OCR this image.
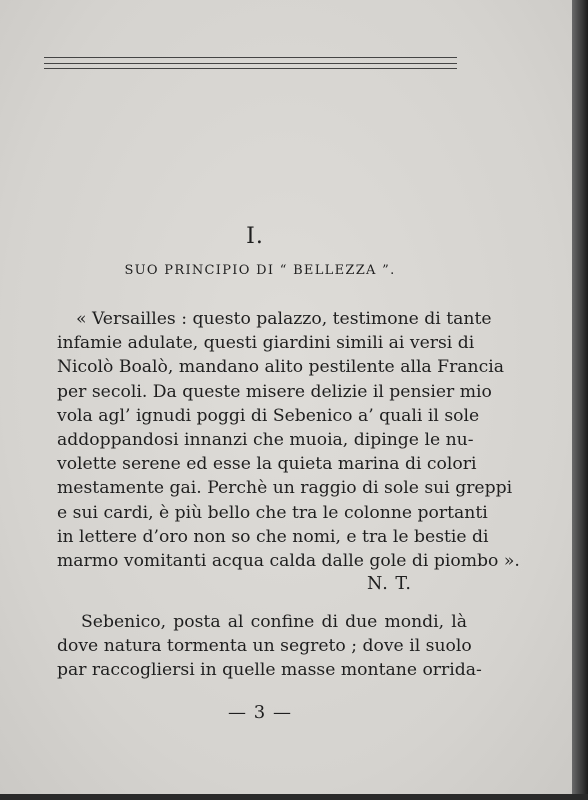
I.
SUO PRINCIPIO DI “ BELLEZZA ”.
« Versailles : questo palazzo, testimone di tante
infamie adulate, questi giardini simili ai versi di
Nicolò Boalò, mandano alito pestilente alla Francia
per secoli. Da queste misere delizie il pensier mio
vola agl’ ignudi poggi di Sebenico a’ quali il sole
addoppandosi innanzi che muoia, dipinge le nu-
volette serene ed esse la quieta marina di colori
mestamente gai. Perchè un raggio di sole sui greppi
e sui cardi, è più bello che tra le colonne portanti
in lettere d’oro non so che nomi, e tra le bestie di
marmo vomitanti acqua calda dalle gole di piombo ».
N. T.
Sebenico, posta al confine di due mondi, là
dove natura tormenta un segreto ; dove il suolo
par raccogliersi in quelle masse montane orrida-
— 3 —
